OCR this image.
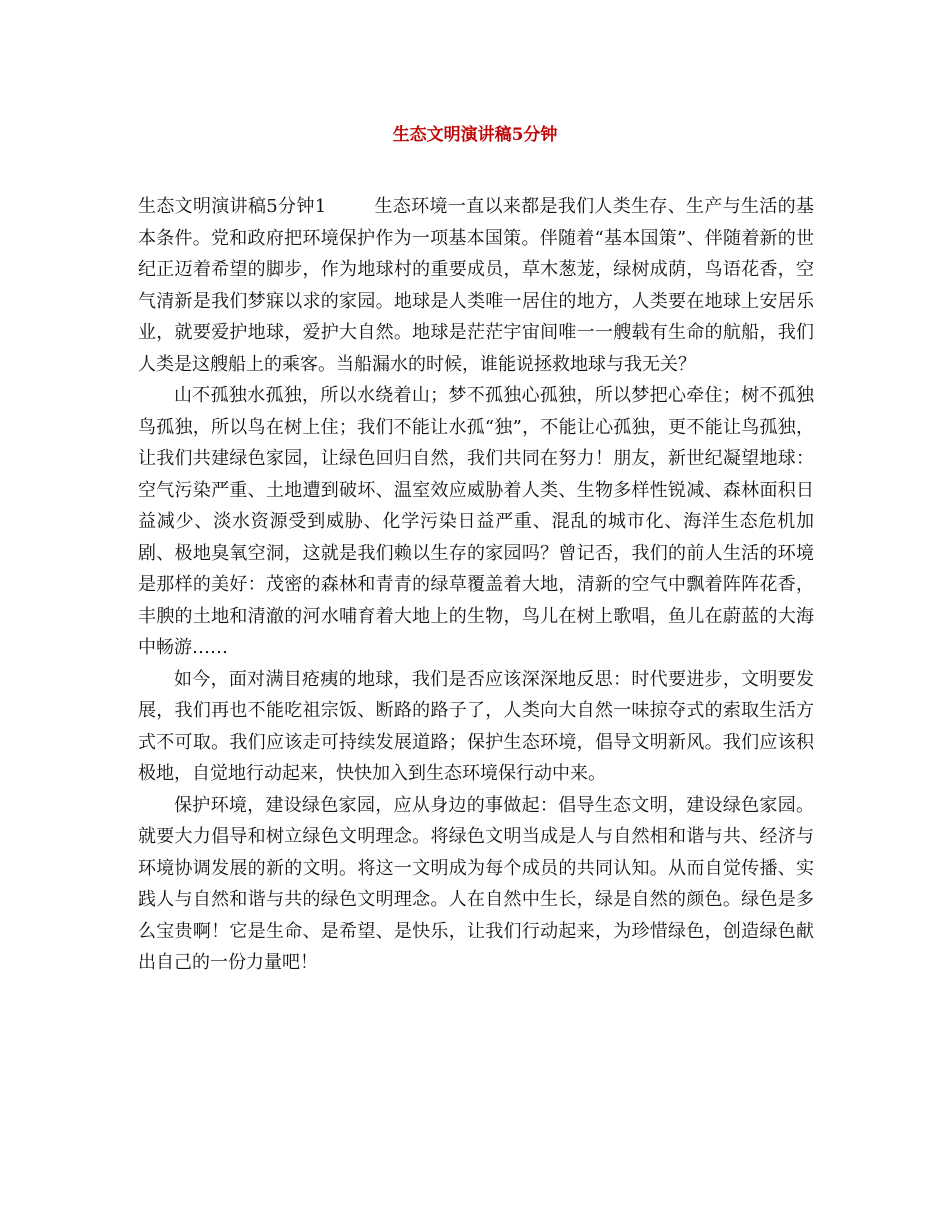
生态文明演讲稿5分钟

生态文明演讲稿5分钟1	生态环境一直以来都是我们人类生存、生产与生活的基本条件。党和政府把环境保护作为一项基本国策。伴随着“基本国策”、伴随着新的世纪正迈着希望的脚步，作为地球村的重要成员，草木葱茏，绿树成荫，鸟语花香，空气清新是我们梦寐以求的家园。地球是人类唯一居住的地方，人类要在地球上安居乐业，就要爱护地球，爱护大自然。地球是茫茫宇宙间唯一一艘载有生命的航船，我们人类是这艘船上的乘客。当船漏水的时候，谁能说拯救地球与我无关？

山不孤独水孤独，所以水绕着山；梦不孤独心孤独，所以梦把心牵住；树不孤独鸟孤独，所以鸟在树上住；我们不能让水孤“独”，不能让心孤独，更不能让鸟孤独，让我们共建绿色家园，让绿色回归自然，我们共同在努力！朋友，新世纪凝望地球：空气污染严重、土地遭到破坏、温室效应威胁着人类、生物多样性锐减、森林面积日益减少、淡水资源受到威胁、化学污染日益严重、混乱的城市化、海洋生态危机加剧、极地臭氧空洞，这就是我们赖以生存的家园吗？曾记否，我们的前人生活的环境是那样的美好：茂密的森林和青青的绿草覆盖着大地，清新的空气中飘着阵阵花香，丰腴的土地和清澈的河水哺育着大地上的生物，鸟儿在树上歌唱，鱼儿在蔚蓝的大海中畅游……

如今，面对满目疮痍的地球，我们是否应该深深地反思：时代要进步，文明要发展，我们再也不能吃祖宗饭、断路的路子了，人类向大自然一味掠夺式的索取生活方式不可取。我们应该走可持续发展道路；保护生态环境，倡导文明新风。我们应该积极地，自觉地行动起来，快快加入到生态环境保行动中来。

保护环境，建设绿色家园，应从身边的事做起：倡导生态文明，建设绿色家园。就要大力倡导和树立绿色文明理念。将绿色文明当成是人与自然相和谐与共、经济与环境协调发展的新的文明。将这一文明成为每个成员的共同认知。从而自觉传播、实践人与自然和谐与共的绿色文明理念。人在自然中生长，绿是自然的颜色。绿色是多么宝贵啊！它是生命、是希望、是快乐，让我们行动起来，为珍惜绿色，创造绿色献出自己的一份力量吧！
